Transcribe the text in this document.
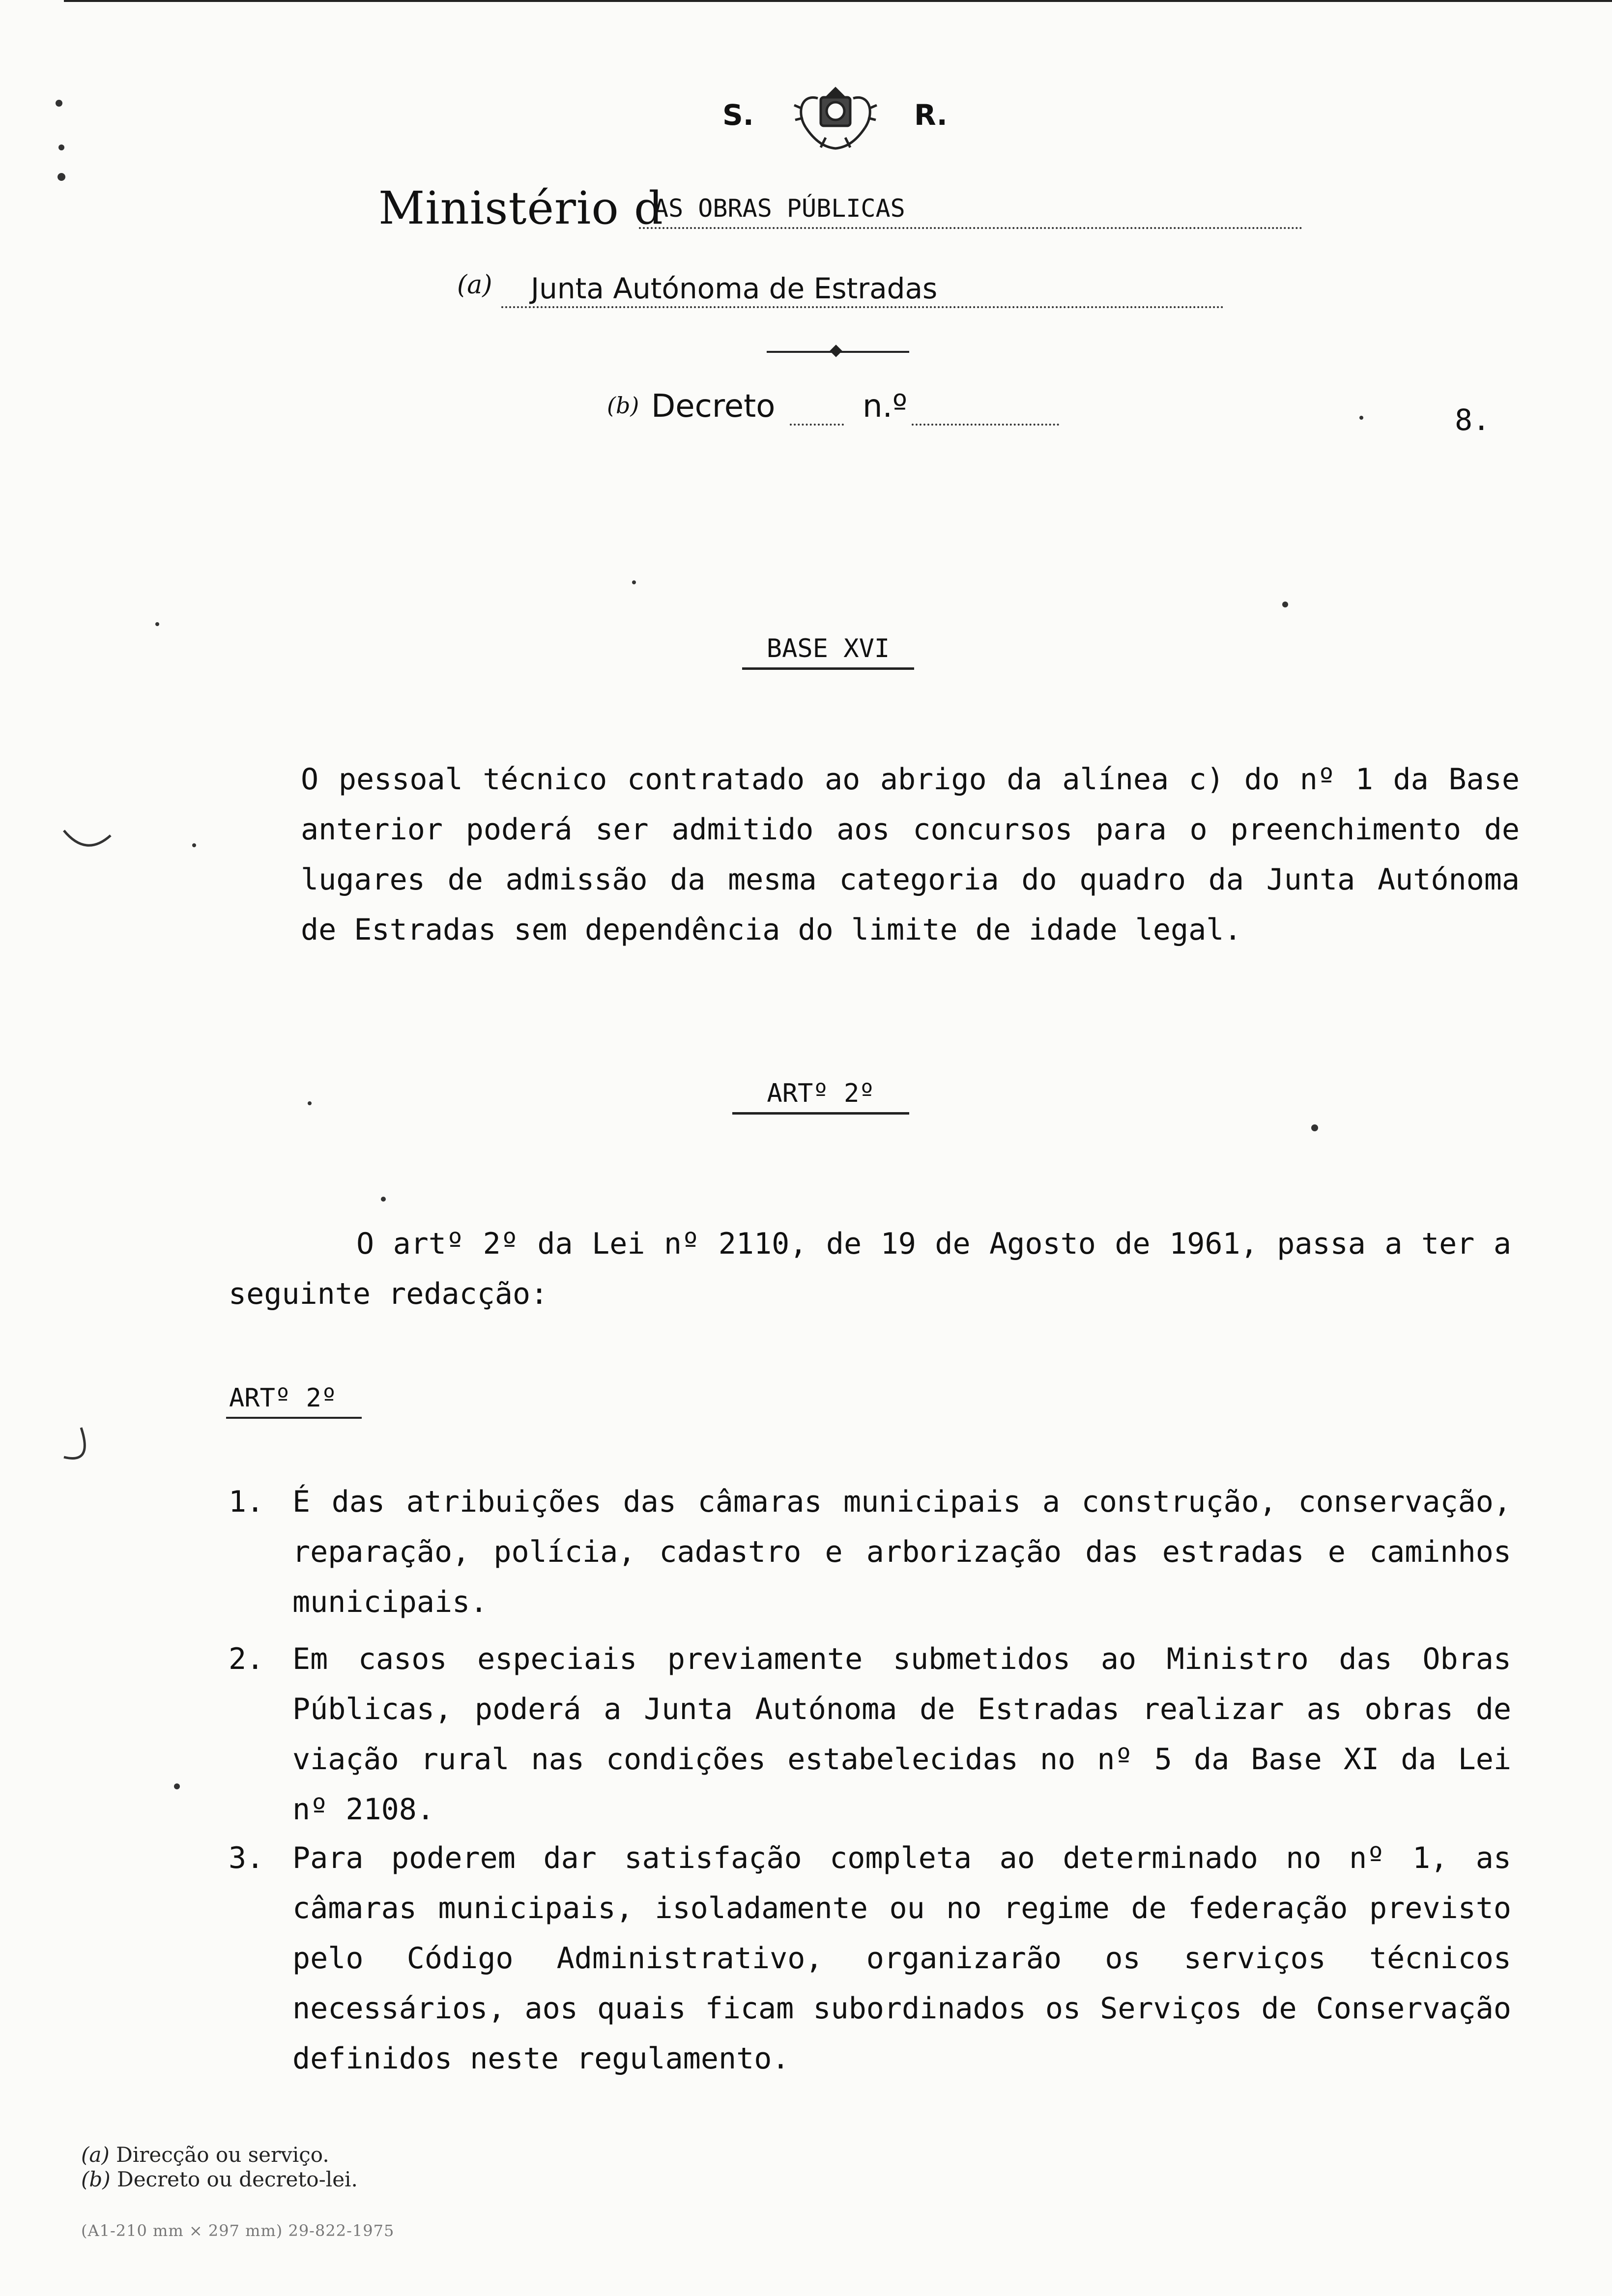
S.	R.
Ministério d
AS OBRAS PÚBLICAS
(a) Junta Autónoma de Estradas
(b) Decreto	n.º	8.
BASE XVI
O pessoal técnico contratado ao abrigo da alínea c) do nº 1 da Base anterior poderá ser admitido aos concursos para o preenchimento de lugares de admissão da mesma categoria do quadro da Junta Autónoma de Estradas sem dependência do limite de idade legal.
ARTº 2º
O artº 2º da Lei nº 2110, de 19 de Agosto de 1961, passa a ter a seguinte redacção:
ARTº 2º
1. É das atribuições das câmaras municipais a construção, conservação, reparação, polícia, cadastro e arborização das estradas e caminhos municipais.
2. Em casos especiais previamente submetidos ao Ministro das Obras Públicas, poderá a Junta Autónoma de Estradas realizar as obras de viação rural nas condições estabelecidas no nº 5 da Base XI da Lei nº 2108.
3. Para poderem dar satisfação completa ao determinado no nº 1, as câmaras municipais, isoladamente ou no regime de federação previsto pelo Código Administrativo, organizarão os serviços técnicos necessários, aos quais ficam subordinados os Serviços de Conservação definidos neste regulamento.
(a) Direcção ou serviço.
(b) Decreto ou decreto-lei.
(A1-210 mm × 297 mm) 29-822-1975
